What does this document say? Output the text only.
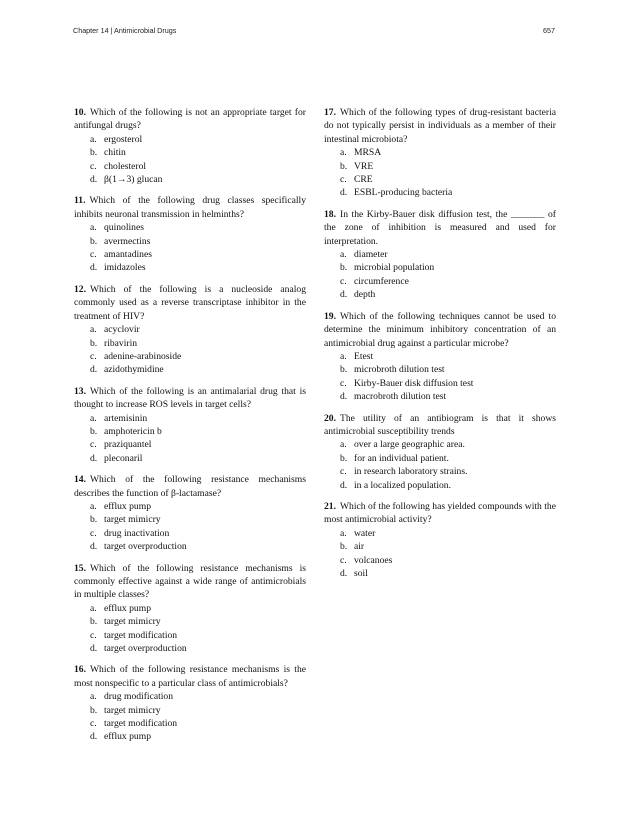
Chapter 14 | Antimicrobial Drugs	657

10. Which of the following is not an appropriate target for antifungal drugs?

a. ergosterol
b. chitin
c. cholesterol
d. β(1→3) glucan

11. Which of the following drug classes specifically inhibits neuronal transmission in helminths?

a. quinolines
b. avermectins
c. amantadines
d. imidazoles

12. Which of the following is a nucleoside analog commonly used as a reverse transcriptase inhibitor in the treatment of HIV?

a. acyclovir
b. ribavirin
c. adenine-arabinoside
d. azidothymidine

13. Which of the following is an antimalarial drug that is thought to increase ROS levels in target cells?

a. artemisinin
b. amphotericin b
c. praziquantel
d. pleconaril

14. Which of the following resistance mechanisms describes the function of β-lactamase?

a. efflux pump
b. target mimicry
c. drug inactivation
d. target overproduction

15. Which of the following resistance mechanisms is commonly effective against a wide range of antimicrobials in multiple classes?

a. efflux pump
b. target mimicry
c. target modification
d. target overproduction

16. Which of the following resistance mechanisms is the most nonspecific to a particular class of antimicrobials?

a. drug modification
b. target mimicry
c. target modification
d. efflux pump

17. Which of the following types of drug-resistant bacteria do not typically persist in individuals as a member of their intestinal microbiota?

a. MRSA
b. VRE
c. CRE
d. ESBL-producing bacteria

18. In the Kirby-Bauer disk diffusion test, the _______ of the zone of inhibition is measured and used for interpretation.

a. diameter
b. microbial population
c. circumference
d. depth

19. Which of the following techniques cannot be used to determine the minimum inhibitory concentration of an antimicrobial drug against a particular microbe?

a. Etest
b. microbroth dilution test
c. Kirby-Bauer disk diffusion test
d. macrobroth dilution test

20. The utility of an antibiogram is that it shows antimicrobial susceptibility trends

a. over a large geographic area.
b. for an individual patient.
c. in research laboratory strains.
d. in a localized population.

21. Which of the following has yielded compounds with the most antimicrobial activity?

a. water
b. air
c. volcanoes
d. soil
